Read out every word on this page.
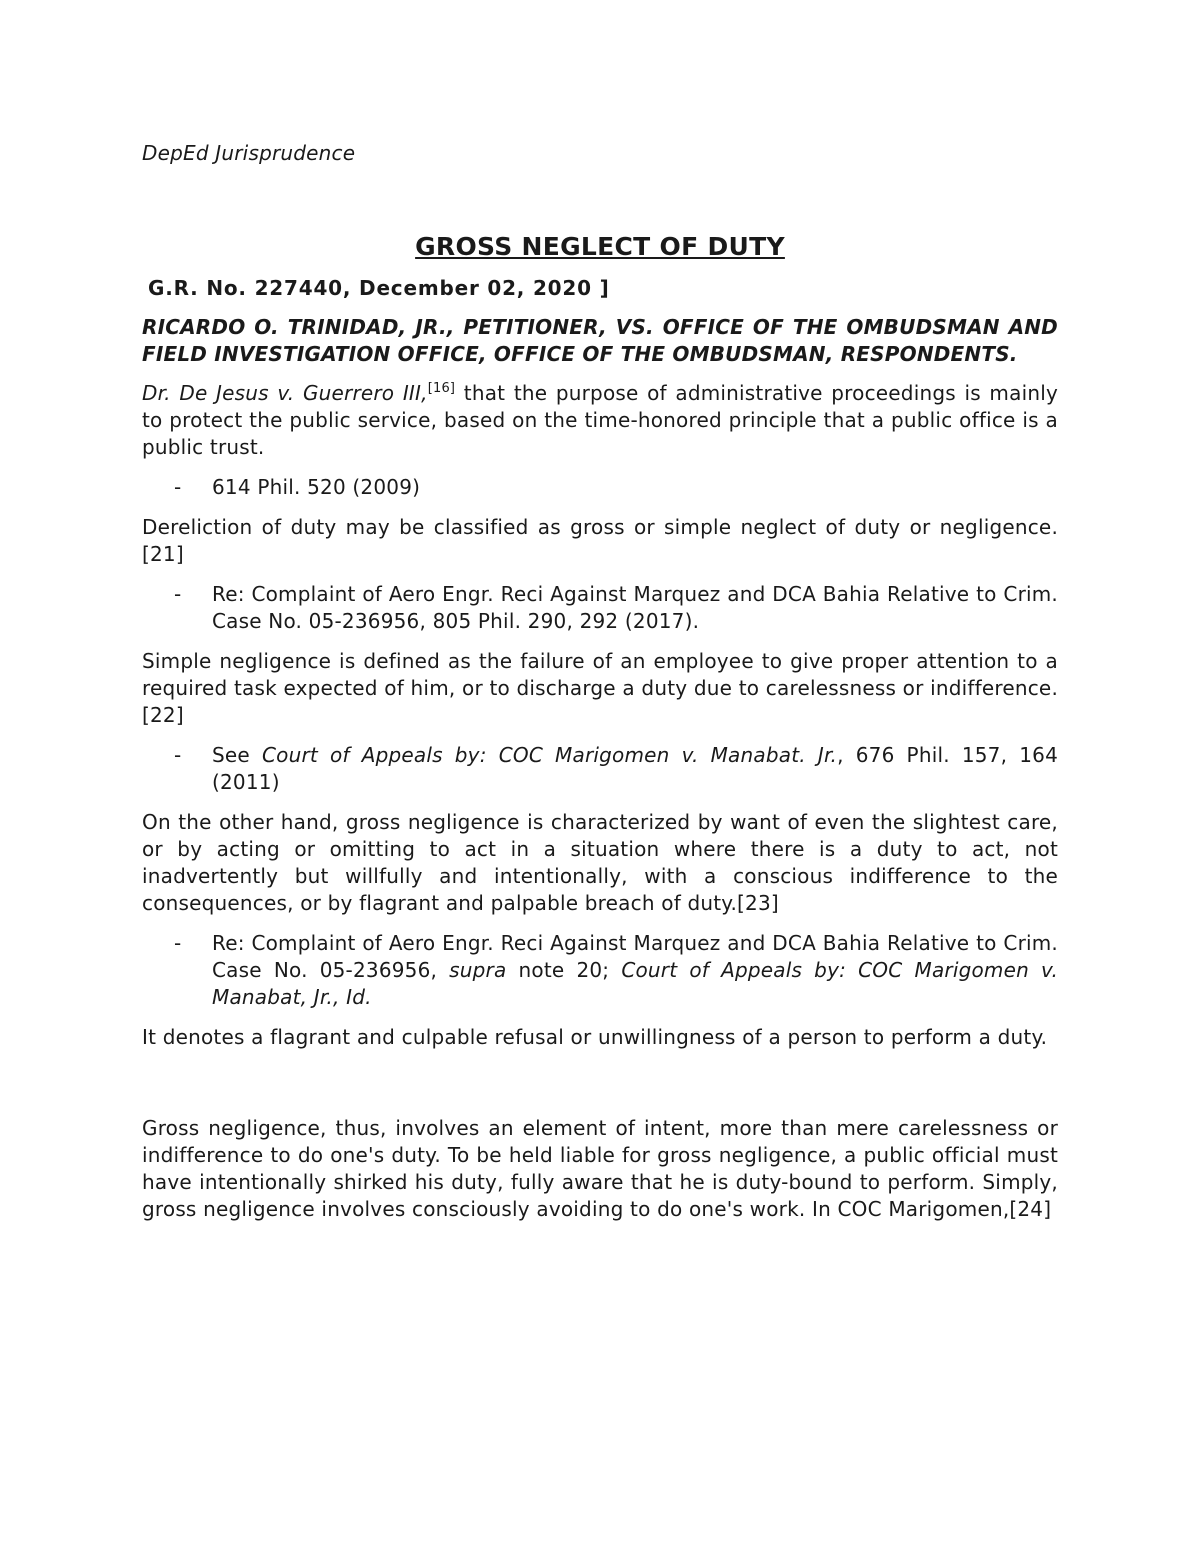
DepEd Jurisprudence
GROSS NEGLECT OF DUTY
G.R. No. 227440, December 02, 2020 ]
RICARDO O. TRINIDAD, JR., PETITIONER, VS. OFFICE OF THE OMBUDSMAN AND FIELD INVESTIGATION OFFICE, OFFICE OF THE OMBUDSMAN, RESPONDENTS.

Dr. De Jesus v. Guerrero III,[16] that the purpose of administrative proceedings is mainly to protect the public service, based on the time-honored principle that a public office is a public trust.

- 614 Phil. 520 (2009)

Dereliction of duty may be classified as gross or simple neglect of duty or negligence.[21]

- Re: Complaint of Aero Engr. Reci Against Marquez and DCA Bahia Relative to Crim. Case No. 05-236956, 805 Phil. 290, 292 (2017).

Simple negligence is defined as the failure of an employee to give proper attention to a required task expected of him, or to discharge a duty due to carelessness or indifference.[22]

- See Court of Appeals by: COC Marigomen v. Manabat. Jr., 676 Phil. 157, 164 (2011)

On the other hand, gross negligence is characterized by want of even the slightest care, or by acting or omitting to act in a situation where there is a duty to act, not inadvertently but willfully and intentionally, with a conscious indifference to the consequences, or by flagrant and palpable breach of duty.[23]

- Re: Complaint of Aero Engr. Reci Against Marquez and DCA Bahia Relative to Crim. Case No. 05-236956, supra note 20; Court of Appeals by: COC Marigomen v. Manabat, Jr., Id.

It denotes a flagrant and culpable refusal or unwillingness of a person to perform a duty.

Gross negligence, thus, involves an element of intent, more than mere carelessness or indifference to do one's duty. To be held liable for gross negligence, a public official must have intentionally shirked his duty, fully aware that he is duty-bound to perform. Simply, gross negligence involves consciously avoiding to do one's work. In COC Marigomen,[24]
